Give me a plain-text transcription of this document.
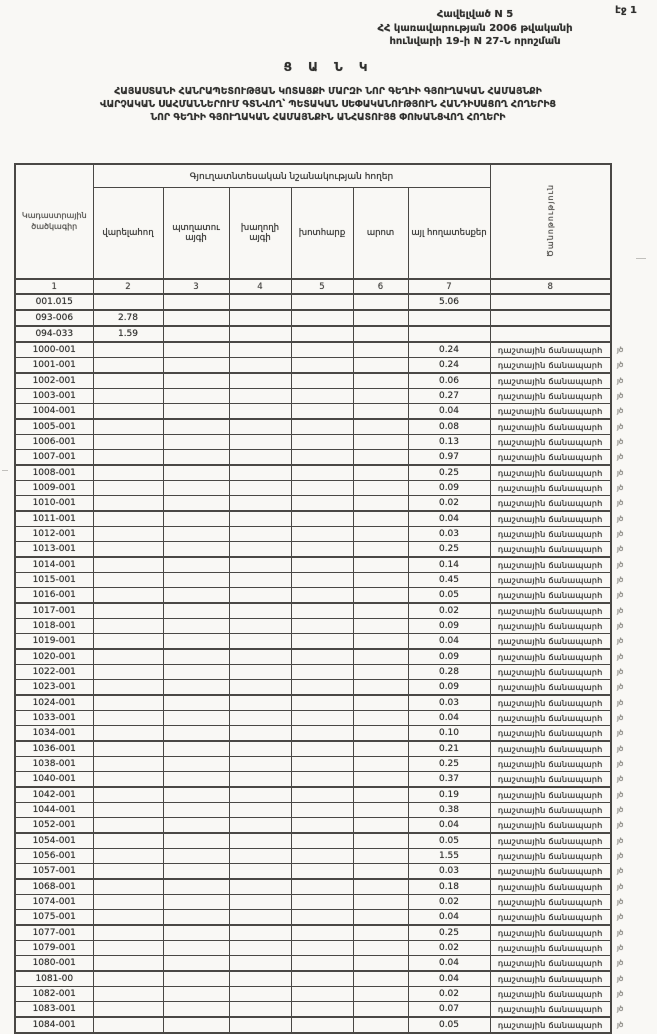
էջ 1
Հավելված N 5
ՀՀ կառավարության 2006 թվականի
հունվարի 19-ի N 27-Ն որոշման
Ց Ա Ն Կ
ՀԱՅԱՍՏԱՆԻ ՀԱՆՐԱՊԵՏՈՒԹՅԱՆ ԿՈՏԱՅՔԻ ՄԱՐԶԻ ՆՈՐ ԳԵՂԻԻ ԳՅՈՒՂԱԿԱՆ ՀԱՄԱՅՆՔԻ
ՎԱՐՉԱԿԱՆ ՍԱՀՄԱՆՆԵՐՈՒՄ ԳՏՆՎՈՂ՝ ՊԵՏԱԿԱՆ ՍԵՓԱԿԱՆՈՒԹՅՈՒՆ ՀԱՆԴԻՍԱՑՈՂ ՀՈՂԵՐԻՑ
ՆՈՐ ԳԵՂԻԻ ԳՅՈՒՂԱԿԱՆ ՀԱՄԱՅՆՔԻՆ ԱՆՀԱՏՈՒՅՑ ՓՈԽԱՆՑՎՈՂ ՀՈՂԵՐԻ
Կադաստրային ծածկագիր	Գյուղատնտեսական նշանակության հողեր						Ծանոթություն	
	վարելահող	պտղատու այգի	խաղողի այգի	խոտհարք	արոտ	այլ հողատեսքեր		
1	2	3	4	5	6	7	8	
001.015						5.06		
093-006	2.78							
094-033	1.59							
1000-001						0.24	դաշտային ճանապարհ	յծ
1001-001						0.24	դաշտային ճանապարհ	յծ
1002-001						0.06	դաշտային ճանապարհ	յծ
1003-001						0.27	դաշտային ճանապարհ	յծ
1004-001						0.04	դաշտային ճանապարհ	յծ
1005-001						0.08	դաշտային ճանապարհ	յծ
1006-001						0.13	դաշտային ճանապարհ	յծ
1007-001						0.97	դաշտային ճանապարհ	յծ
1008-001						0.25	դաշտային ճանապարհ	յծ
1009-001						0.09	դաշտային ճանապարհ	յծ
1010-001						0.02	դաշտային ճանապարհ	յծ
1011-001						0.04	դաշտային ճանապարհ	յծ
1012-001						0.03	դաշտային ճանապարհ	յծ
1013-001						0.25	դաշտային ճանապարհ	յծ
1014-001						0.14	դաշտային ճանապարհ	յծ
1015-001						0.45	դաշտային ճանապարհ	յծ
1016-001						0.05	դաշտային ճանապարհ	յծ
1017-001						0.02	դաշտային ճանապարհ	յծ
1018-001						0.09	դաշտային ճանապարհ	յծ
1019-001						0.04	դաշտային ճանապարհ	յծ
1020-001						0.09	դաշտային ճանապարհ	յծ
1022-001						0.28	դաշտային ճանապարհ	յծ
1023-001						0.09	դաշտային ճանապարհ	յծ
1024-001						0.03	դաշտային ճանապարհ	յծ
1033-001						0.04	դաշտային ճանապարհ	յծ
1034-001						0.10	դաշտային ճանապարհ	յծ
1036-001						0.21	դաշտային ճանապարհ	յծ
1038-001						0.25	դաշտային ճանապարհ	յծ
1040-001						0.37	դաշտային ճանապարհ	յծ
1042-001						0.19	դաշտային ճանապարհ	յծ
1044-001						0.38	դաշտային ճանապարհ	յծ
1052-001						0.04	դաշտային ճանապարհ	յծ
1054-001						0.05	դաշտային ճանապարհ	յծ
1056-001						1.55	դաշտային ճանապարհ	յծ
1057-001						0.03	դաշտային ճանապարհ	յծ
1068-001						0.18	դաշտային ճանապարհ	յծ
1074-001						0.02	դաշտային ճանապարհ	յծ
1075-001						0.04	դաշտային ճանապարհ	յծ
1077-001						0.25	դաշտային ճանապարհ	յծ
1079-001						0.02	դաշտային ճանապարհ	յծ
1080-001						0.04	դաշտային ճանապարհ	յծ
1081-00						0.04	դաշտային ճանապարհ	յծ
1082-001						0.02	դաշտային ճանապարհ	յծ
1083-001						0.07	դաշտային ճանապարհ	յծ
1084-001						0.05	դաշտային ճանապարհ	յծ
